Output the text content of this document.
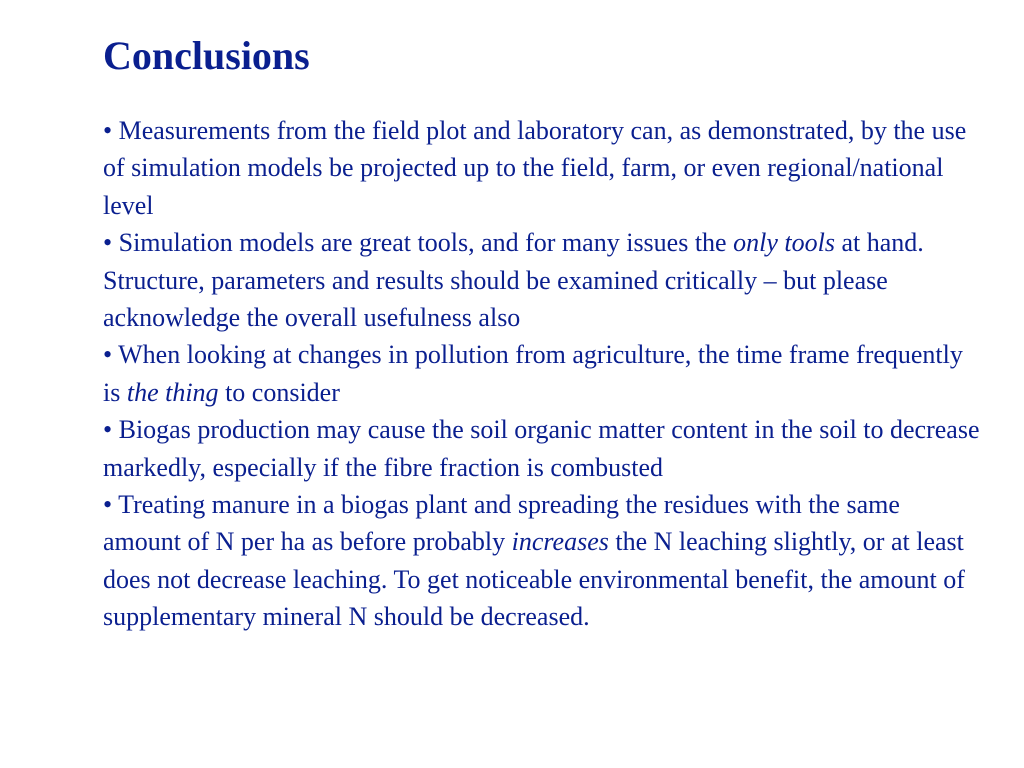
Conclusions
• Measurements from the field plot and laboratory can, as demonstrated, by the use of simulation models be projected up to the field, farm, or even regional/national level
• Simulation models are great tools, and for many issues the only tools at hand. Structure, parameters and results should be examined critically – but please acknowledge the overall usefulness also
• When looking at changes in pollution from agriculture, the time frame frequently is the thing to consider
• Biogas production may cause the soil organic matter content in the soil to decrease markedly, especially if the fibre fraction is combusted
• Treating manure in a biogas plant and spreading the residues with the same amount of N per ha as before probably increases the N leaching slightly, or at least does not decrease leaching. To get noticeable environmental benefit, the amount of supplementary mineral N should be decreased.
